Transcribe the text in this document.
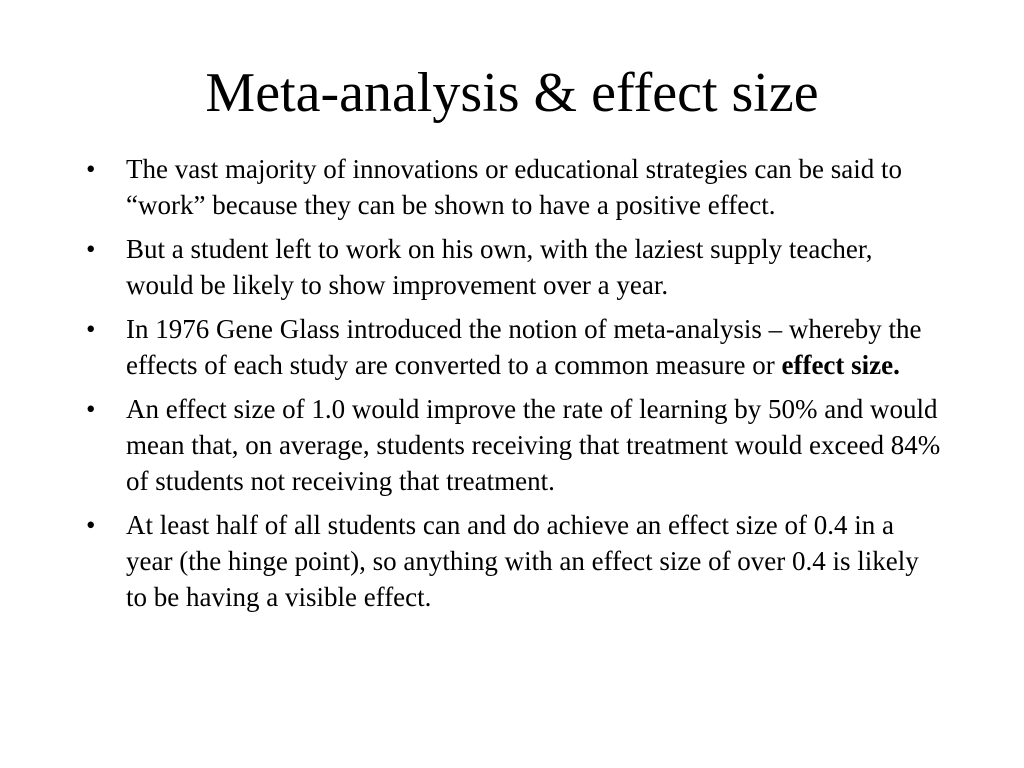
Meta-analysis & effect size
• The vast majority of innovations or educational strategies can be said to “work” because they can be shown to have a positive effect.
• But a student left to work on his own, with the laziest supply teacher, would be likely to show improvement over a year.
• In 1976 Gene Glass introduced the notion of meta-analysis – whereby the effects of each study are converted to a common measure or effect size.
• An effect size of 1.0 would improve the rate of learning by 50% and would mean that, on average, students receiving that treatment would exceed 84% of students not receiving that treatment.
• At least half of all students can and do achieve an effect size of 0.4 in a year (the hinge point), so anything with an effect size of over 0.4 is likely to be having a visible effect.
